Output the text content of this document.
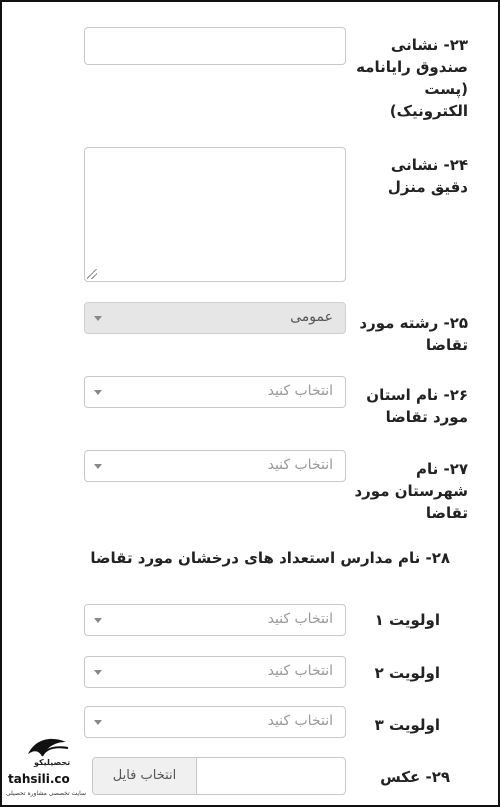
۲۳- نشانی صندوق رایانامه (پست الکترونیک)
۲۴- نشانی دقیق منزل
۲۵- رشته مورد تقاضا
عمومی
۲۶- نام استان مورد تقاضا
انتخاب کنید
۲۷- نام شهرستان مورد تقاضا
انتخاب کنید
۲۸- نام مدارس استعداد های درخشان مورد تقاضا
اولویت ۱
انتخاب کنید
اولویت ۲
انتخاب کنید
اولویت ۳
انتخاب کنید
۲۹- عکس
انتخاب فایل
تحصیلیکو
tahsili.co
سایت تخصصی مشاوره تحصیلی
